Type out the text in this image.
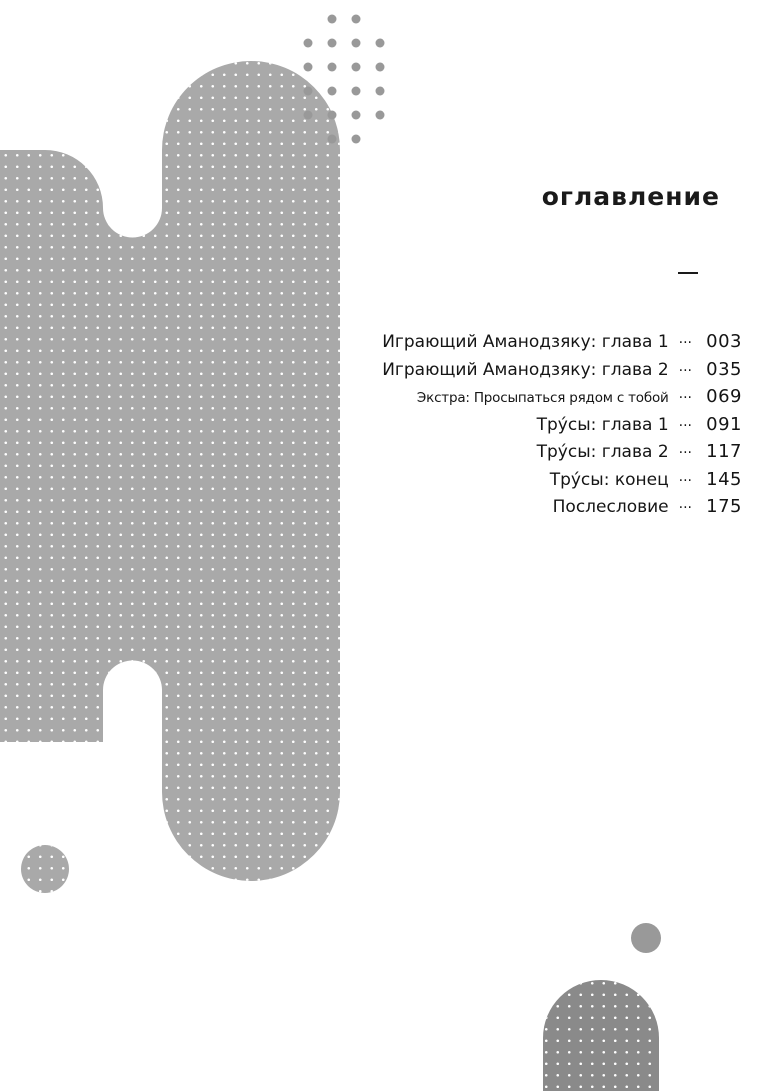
оглавление
Играющий Аманодзяку: глава 1 ··· 003
Играющий Аманодзяку: глава 2 ··· 035
Экстра: Просыпаться рядом с тобой ··· 069
Тру́сы: глава 1 ··· 091
Тру́сы: глава 2 ··· 117
Тру́сы: конец ··· 145
Послесловие ··· 175
